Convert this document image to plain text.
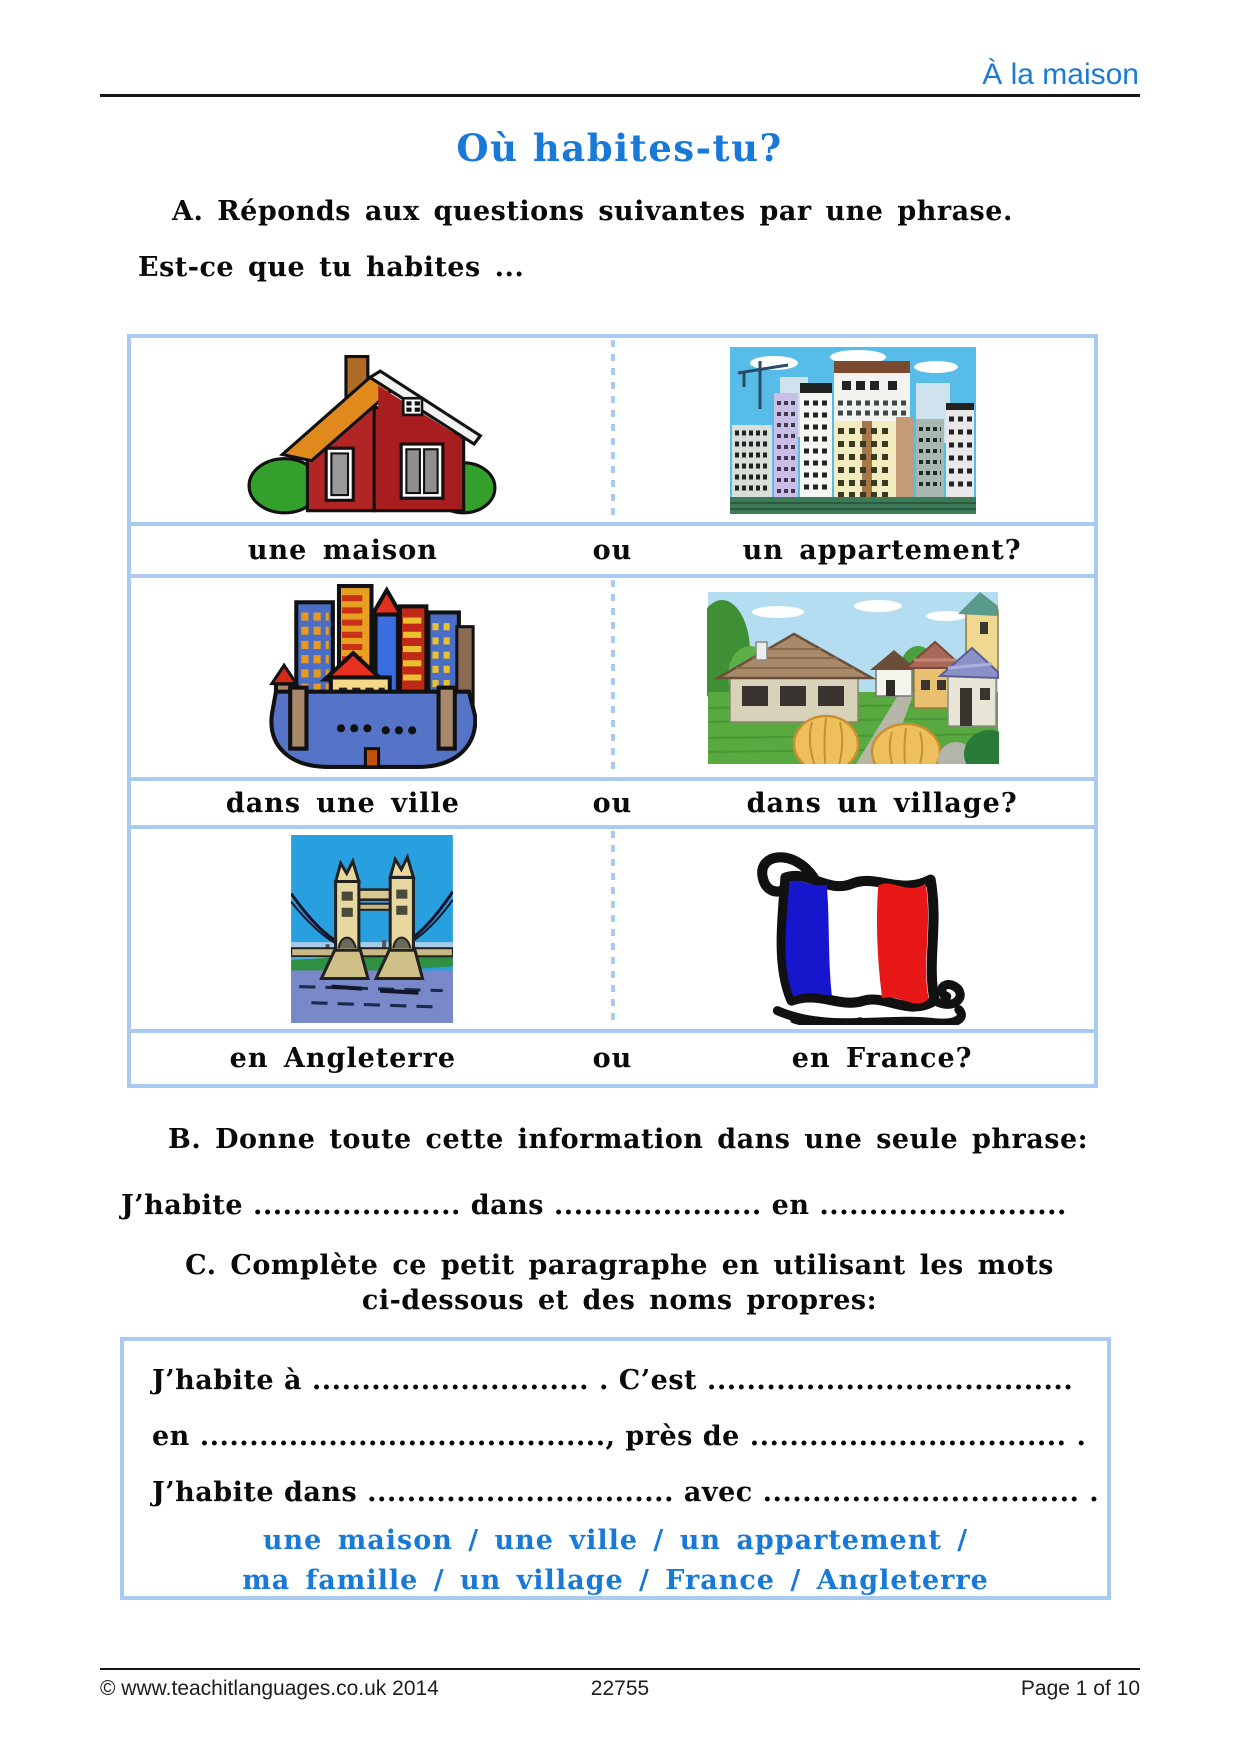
À la maison
Où habites-tu?
A. Réponds aux questions suivantes par une phrase.
Est-ce que tu habites ...
une maison	ou	un appartement?
dans une ville	ou	dans un village?
en Angleterre	ou	en France?
B. Donne toute cette information dans une seule phrase:
J’habite ..................... dans ..................... en .........................
C. Complète ce petit paragraphe en utilisant les mots
ci-dessous et des noms propres:
J’habite à ............................ . C’est .....................................
en ........................................., près de ................................ .
J’habite dans ............................... avec ................................ .
une maison / une ville / un appartement /
ma famille / un village / France / Angleterre
© www.teachitlanguages.co.uk 2014	22755	Page 1 of 10
